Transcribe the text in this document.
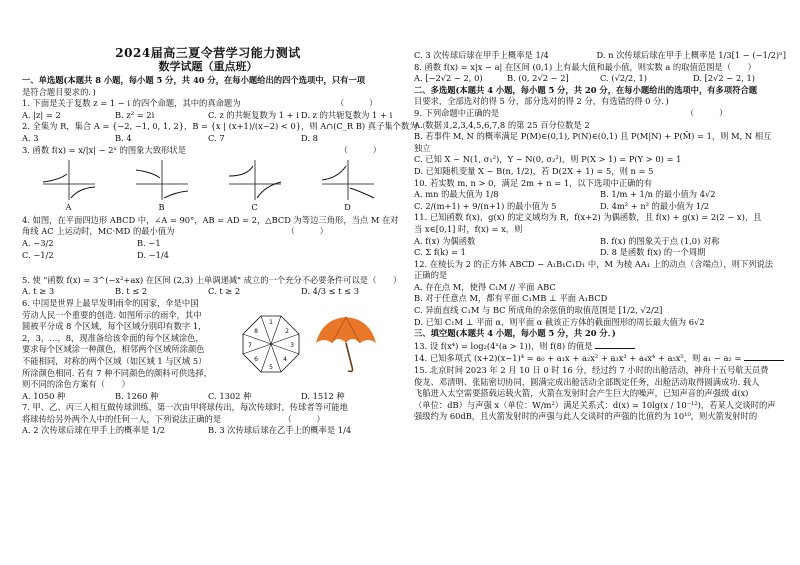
2024届高三夏令营学习能力测试
数学试题（重点班）
一、单选题(本题共 8 小题，每小题 5 分，共 40 分，在每小题给出的四个选项中，只有一项
是符合题目要求的．)
1. 下面是关于复数 z = 1 − i 的四个命题，其中的真命题为　　　　　　　　　　　　（　　　）
A. |z| = 2	B. z² = 2i	C. z 的共轭复数为 1 + i D. z 的共轭复数为 1 + i
2. 全集为 R，集合 A = {−2, −1, 0, 1, 2}，B = {x | (x+1)/(x−2) < 0}，则 A∩(C_R B) 真子集个数为（　　）
A. 3	B. 4	C. 7	D. 8
3. 函数 f(x) = x/|x| − 2ˣ 的图象大致形状是　　　　　　　　　　　　　　　　　　　（　　　）
A	B	C	D
4. 如图，在平面四边形 ABCD 中，∠A = 90°，AB = AD = 2，△BCD 为等边三角形，当点 M 在对
角线 AC 上运动时，MC·MD 的最小值为　　　　　　　　　　　　　　（　　　）
A. −3/2	B. −1
C. −1/2	D. −1/4
5. 使 "函数 f(x) = 3^(−x²+ax) 在区间 (2,3) 上单调递减" 成立的一个充分不必要条件可以是（　　）
A. t ≥ 3	B. t ≤ 2	C. t ≥ 2	D. 4/3 ≤ t ≤ 3
6. 中国是世界上最早发明雨伞的国家，伞是中国
劳动人民一个重要的创造. 如图所示的雨伞，其中
圆被平分成 8 个区域，每个区域分别印有数字 1，
2，3，…，8，现准备给该伞面的每个区域涂色，
要求每个区域涂一种颜色，相邻两个区域所涂颜色
不能相同，对称的两个区域（如区域 1 与区域 5）
所涂颜色相同. 若有 7 种不同颜色的颜料可供选择，
则不同的涂色方案有（　　）
1
2
3
4
5
6
7
8
A. 1050 种	B. 1260 种	C. 1302 种	D. 1512 种
7. 甲、乙、丙三人相互做传球训练，第一次由甲将球传出，每次传球时，传球者等可能地
将球传给另外两个人中的任何一人，下列说法正确的是　　　　　　　　（　　　）
A. 2 次传球后球在甲手上的概率是 1/2	B. 3 次传球后球在乙手上的概率是 1/4
C. 3 次传球后球在甲手上概率是 1/4	D. n 次传球后球在甲手上概率是 1/3[1 − (−1/2)ⁿ]
8. 函数 f(x) = x|x − a| 在区间 (0,1) 上有最大值和最小值，则实数 a 的取值范围是（　　）
A. [−2√2 − 2, 0)	B. (0, 2√2 − 2]	C. (√2/2, 1)	D. [2√2 − 2, 1)
二、多选题(本题共 4 小题，每小题 5 分，共 20 分，在每小题给出的选项中，有多项符合题
目要求，全部选对的得 5 分，部分选对的得 2 分，有选错的得 0 分．)
9. 下列命题中正确的是　　　　　　　　　　　　　　　　　　　　　　　（　　　）
A. 数据 1,2,3,4,5,6,7,8 的第 25 百分位数是 2
B. 若事件 M, N 的概率满足 P(M)∈(0,1), P(N)∈(0,1) 且 P(M|N) + P(M̄) = 1，则 M, N 相互
独立
C. 已知 X ~ N(1, σ₁²)，Y ~ N(0, σ₂²)，则 P(X > 1) = P(Y > 0) = 1
D. 已知随机变量 X ~ B(n, 1/2)，若 D(2X + 1) = 5，则 n = 5
10. 若实数 m, n > 0，满足 2m + n = 1，以下选项中正确的有
A. mn 的最大值为 1/8	B. 1/m + 1/n 的最小值为 4√2
C. 2/(m+1) + 9/(n+1) 的最小值为 5	D. 4m² + n² 的最小值为 1/2
11. 已知函数 f(x)，g(x) 的定义域均为 R，f(x+2) 为偶函数，且 f(x) + g(x) = 2(2 − x)，且
当 x∈[0,1] 时，f(x) = x，则
A. f(x) 为偶函数	B. f(x) 的图象关于点 (1,0) 对称
C. Σ f(k) = 1	D. 8 是函数 f(x) 的一个周期
12. 在棱长为 2 的正方体 ABCD − A₁B₁C₁D₁ 中，M 为棱 AA₁ 上的动点（含端点），则下列说法
正确的是
A. 存在点 M，使得 C₁M // 平面 ABC
B. 对于任意点 M，都有平面 C₁MB ⊥ 平面 A₁BCD
C. 异面直线 C₁M 与 BC 所成角的余弦值的取值范围是 [1/2, √2/2]
D. 已知 C₁M ⊥ 平面 α，则平面 α 截该正方体的截面图形的周长最大值为 6√2
三、填空题(本题共 4 小题，每小题 5 分，共 20 分．)
13. 设 f(x⁴) = log₂(4ˣ(a > 1))，则 f(8) 的值是
14. 已知多项式 (x+2)(x−1)⁴ = a₀ + a₁x + a₂x² + a₃x³ + a₄x⁴ + a₅x⁵，则 a₁ − a₂ =
15. 北京时间 2023 年 2 月 10 日 0 时 16 分，经过约 7 小时的出舱活动，神舟十五号航天员费
俊龙、邓清明、张陆密切协同，圆满完成出舱活动全部既定任务，出舱活动取得圆满成功. 载人
飞船进入太空需要搭载运载火箭，火箭在发射时会产生巨大的噪声，已知声音的声强级 d(x)
（单位：dB）与声强 x（单位：W/m²）满足关系式：d(x) = 10lg(x / 10⁻¹²)，若某人交谈时的声
强级约为 60dB，且火箭发射时的声强与此人交谈时的声强的比值约为 10¹⁰，则火箭发射时的
